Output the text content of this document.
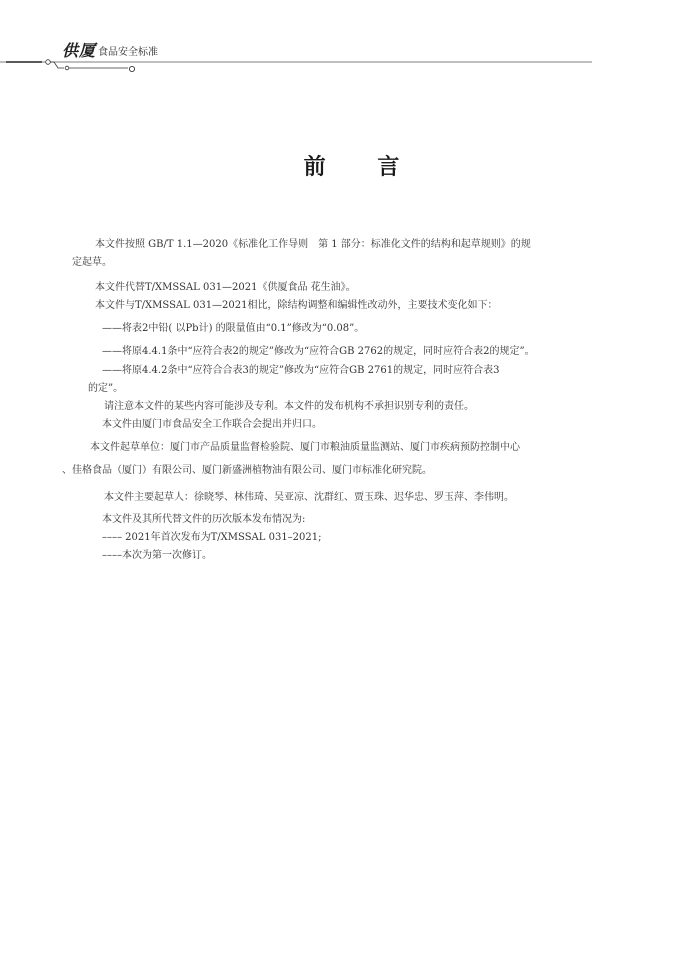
供厦 食品安全标准
前 言
本文件按照 GB/T 1.1—2020《标准化工作导则　第 1 部分：标准化文件的结构和起草规则》的规
定起草。
本文件代替T/XMSSAL 031—2021《供厦食品 花生油》。
本文件与T/XMSSAL 031—2021相比，除结构调整和编辑性改动外，主要技术变化如下：
——将表2中铅( 以Pb计) 的限量值由“0.1”修改为“0.08”。
——将原4.4.1条中“应符合表2的规定”修改为“应符合GB 2762的规定，同时应符合表2的规定”。
——将原4.4.2条中“应符合合表3的规定”修改为“应符合GB 2761的规定，同时应符合表3
的定”。
请注意本文件的某些内容可能涉及专利。本文件的发布机构不承担识别专利的责任。
本文件由厦门市食品安全工作联合会提出并归口。
本文件起草单位：厦门市产品质量监督检验院、厦门市粮油质量监测站、厦门市疾病预防控制中心
、佳格食品（厦门）有限公司、厦门新盛洲植物油有限公司、厦门市标准化研究院。
本文件主要起草人：徐晓琴、林伟琦、吴亚凉、沈群红、贾玉珠、迟华忠、罗玉萍、李伟明。
本文件及其所代替文件的历次版本发布情况为:
–––– 2021年首次发布为T/XMSSAL 031–2021;
––––本次为第一次修订。
